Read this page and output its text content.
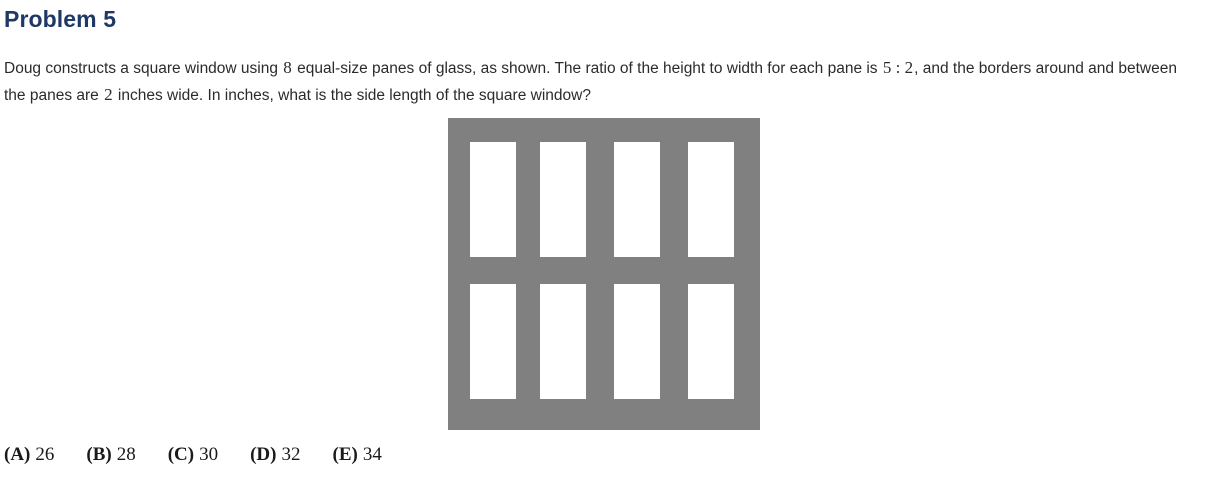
Problem 5
Doug constructs a square window using 8 equal-size panes of glass, as shown. The ratio of the height to width for each pane is 5 : 2, and the borders around and between the panes are 2 inches wide. In inches, what is the side length of the square window?
(A) 26 (B) 28 (C) 30 (D) 32 (E) 34
